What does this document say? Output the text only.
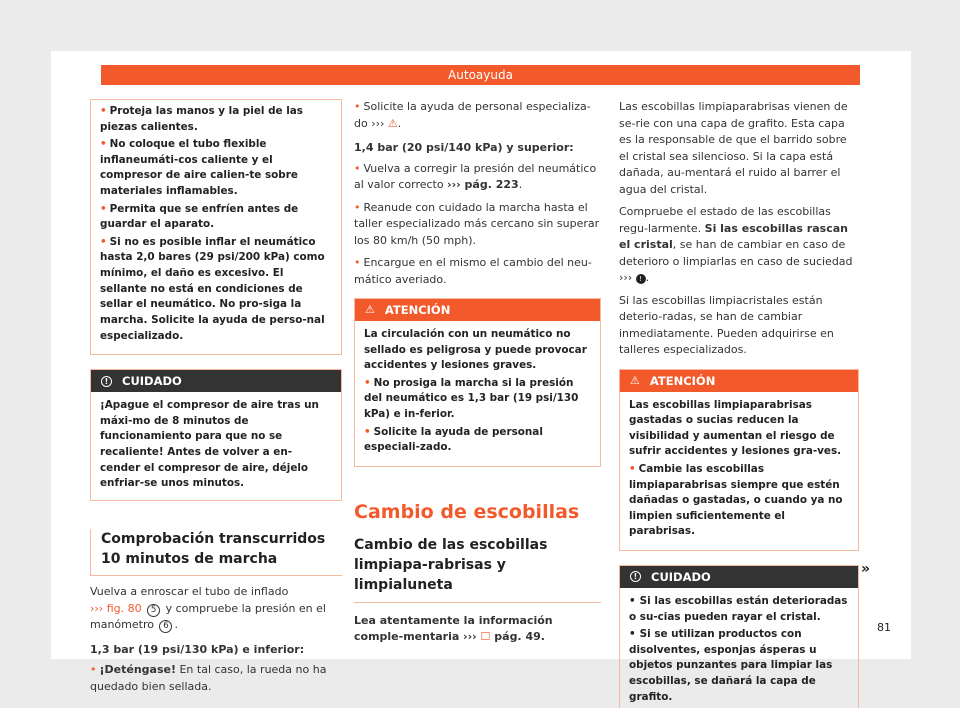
Autoayuda

• Proteja las manos y la piel de las piezas calientes.

• No coloque el tubo flexible inflaneumáti-cos caliente y el compresor de aire calien-te sobre materiales inflamables.

• Permita que se enfríen antes de guardar el aparato.

• Si no es posible inflar el neumático hasta 2,0 bares (29 psi/200 kPa) como mínimo, el daño es excesivo. El sellante no está en condiciones de sellar el neumático. No pro-siga la marcha. Solicite la ayuda de perso-nal especializado.

!	CUIDADO
¡Apague el compresor de aire tras un máxi-mo de 8 minutos de funcionamiento para que no se recaliente! Antes de volver a en-cender el compresor de aire, déjelo enfriar-se unos minutos.
Comprobación transcurridos 10 minutos de marcha

Vuelva a enroscar el tubo de inflado
››› fig. 80 5 y compruebe la presión en el manómetro 6 .

1,3 bar (19 psi/130 kPa) e inferior:

• ¡Deténgase! En tal caso, la rueda no ha quedado bien sellada.

• Solicite la ayuda de personal especializa-do ››› ⚠.

1,4 bar (20 psi/140 kPa) y superior:

• Vuelva a corregir la presión del neumático al valor correcto ››› pág. 223.

• Reanude con cuidado la marcha hasta el taller especializado más cercano sin superar los 80 km/h (50 mph).

• Encargue en el mismo el cambio del neu-mático averiado.

⚠ ATENCIÓN

La circulación con un neumático no sellado es peligrosa y puede provocar accidentes y lesiones graves.

• No prosiga la marcha si la presión del neumático es 1,3 bar (19 psi/130 kPa) e in-ferior.

• Solicite la ayuda de personal especiali-zado.

Cambio de escobillas
Cambio de las escobillas limpiapa-rabrisas y limpialuneta
Lea atentamente la información comple-mentaria ››› ☐ pág. 49.

Las escobillas limpiaparabrisas vienen de se-rie con una capa de grafito. Esta capa es la responsable de que el barrido sobre el cristal sea silencioso. Si la capa está dañada, au-mentará el ruido al barrer el agua del cristal.

Compruebe el estado de las escobillas regu-larmente. Si las escobillas rascan el cristal, se han de cambiar en caso de deterioro o limpiarlas en caso de suciedad ››› ! .

Si las escobillas limpiacristales están deterio-radas, se han de cambiar inmediatamente. Pueden adquirirse en talleres especializados.

⚠ ATENCIÓN

Las escobillas limpiaparabrisas gastadas o sucias reducen la visibilidad y aumentan el riesgo de sufrir accidentes y lesiones gra-ves.

• Cambie las escobillas limpiaparabrisas siempre que estén dañadas o gastadas, o cuando ya no limpien suficientemente el parabrisas.

!	CUIDADO

• Si las escobillas están deterioradas o su-cias pueden rayar el cristal.

• Si se utilizan productos con disolventes, esponjas ásperas u objetos punzantes para limpiar las escobillas, se dañará la capa de grafito.

»
81
